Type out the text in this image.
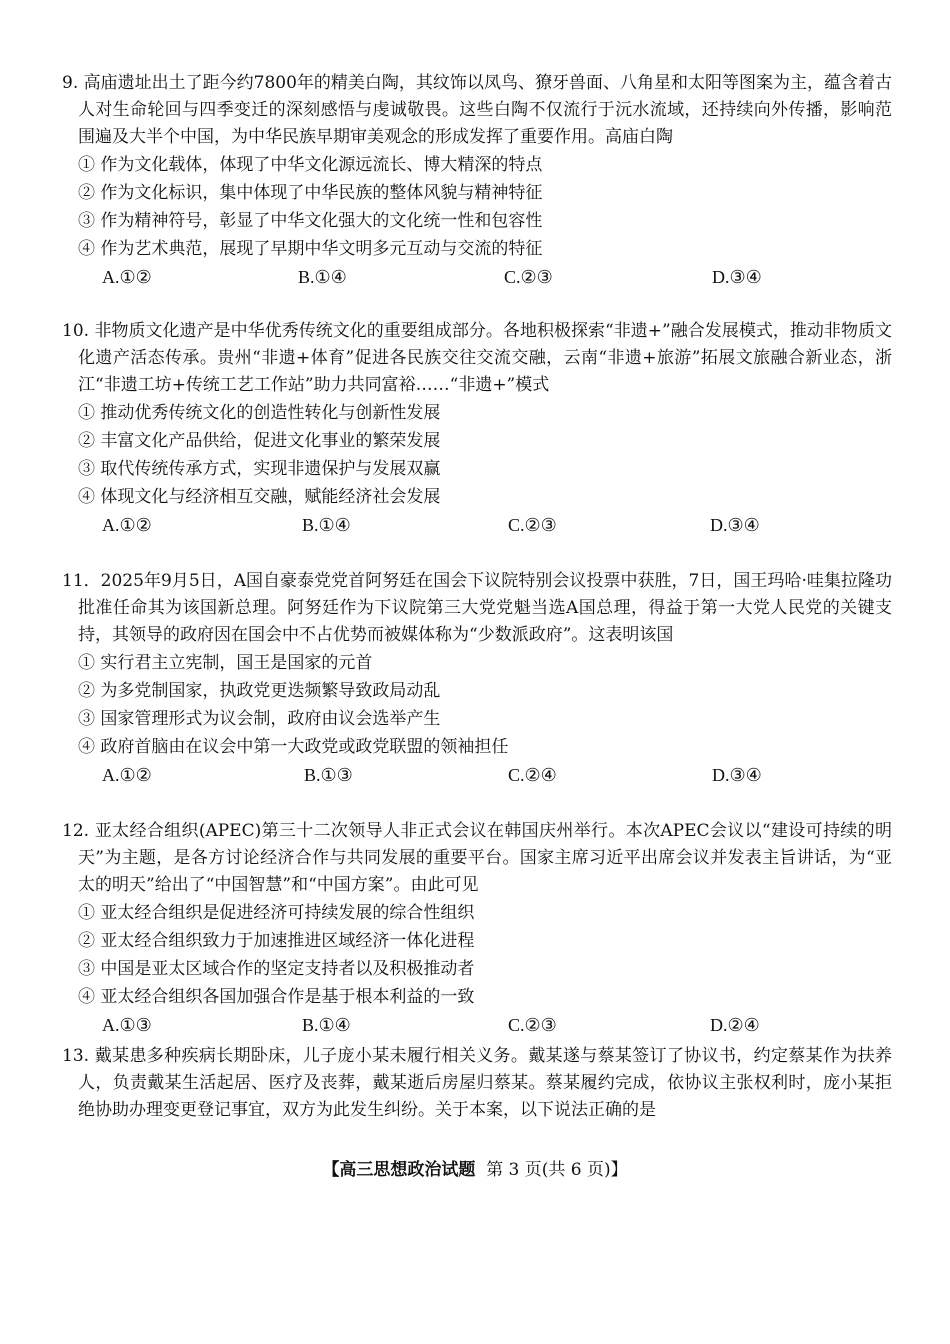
9. 高庙遗址出土了距今约7800年的精美白陶，其纹饰以凤鸟、獠牙兽面、八角星和太阳等图案为主，蕴含着古人对生命轮回与四季变迁的深刻感悟与虔诚敬畏。这些白陶不仅流行于沅水流域，还持续向外传播，影响范围遍及大半个中国，为中华民族早期审美观念的形成发挥了重要作用。高庙白陶
① 作为文化载体，体现了中华文化源远流长、博大精深的特点
② 作为文化标识，集中体现了中华民族的整体风貌与精神特征
③ 作为精神符号，彰显了中华文化强大的文化统一性和包容性
④ 作为艺术典范，展现了早期中华文明多元互动与交流的特征
A.①②	B.①④	C.②③	D.③④
10. 非物质文化遗产是中华优秀传统文化的重要组成部分。各地积极探索“非遗+”融合发展模式，推动非物质文化遗产活态传承。贵州“非遗+体育”促进各民族交往交流交融，云南“非遗+旅游”拓展文旅融合新业态，浙江“非遗工坊+传统工艺工作站”助力共同富裕……“非遗+”模式
① 推动优秀传统文化的创造性转化与创新性发展
② 丰富文化产品供给，促进文化事业的繁荣发展
③ 取代传统传承方式，实现非遗保护与发展双赢
④ 体现文化与经济相互交融，赋能经济社会发展
A.①②	B.①④	C.②③	D.③④
11．2025年9月5日，A国自豪泰党党首阿努廷在国会下议院特别会议投票中获胜，7日，国王玛哈·哇集拉隆功批准任命其为该国新总理。阿努廷作为下议院第三大党党魁当选A国总理，得益于第一大党人民党的关键支持，其领导的政府因在国会中不占优势而被媒体称为“少数派政府”。这表明该国
① 实行君主立宪制，国王是国家的元首
② 为多党制国家，执政党更迭频繁导致政局动乱
③ 国家管理形式为议会制，政府由议会选举产生
④ 政府首脑由在议会中第一大政党或政党联盟的领袖担任
A.①②	B.①③	C.②④	D.③④
12. 亚太经合组织(APEC)第三十二次领导人非正式会议在韩国庆州举行。本次APEC会议以“建设可持续的明天”为主题，是各方讨论经济合作与共同发展的重要平台。国家主席习近平出席会议并发表主旨讲话，为“亚太的明天”给出了“中国智慧”和“中国方案”。由此可见
① 亚太经合组织是促进经济可持续发展的综合性组织
② 亚太经合组织致力于加速推进区域经济一体化进程
③ 中国是亚太区域合作的坚定支持者以及积极推动者
④ 亚太经合组织各国加强合作是基于根本利益的一致
A.①③	B.①④	C.②③	D.②④
13. 戴某患多种疾病长期卧床，儿子庞小某未履行相关义务。戴某遂与蔡某签订了协议书，约定蔡某作为扶养人，负责戴某生活起居、医疗及丧葬，戴某逝后房屋归蔡某。蔡某履约完成，依协议主张权利时，庞小某拒绝协助办理变更登记事宜，双方为此发生纠纷。关于本案，以下说法正确的是
【高三思想政治试题 第 3 页(共 6 页)】
